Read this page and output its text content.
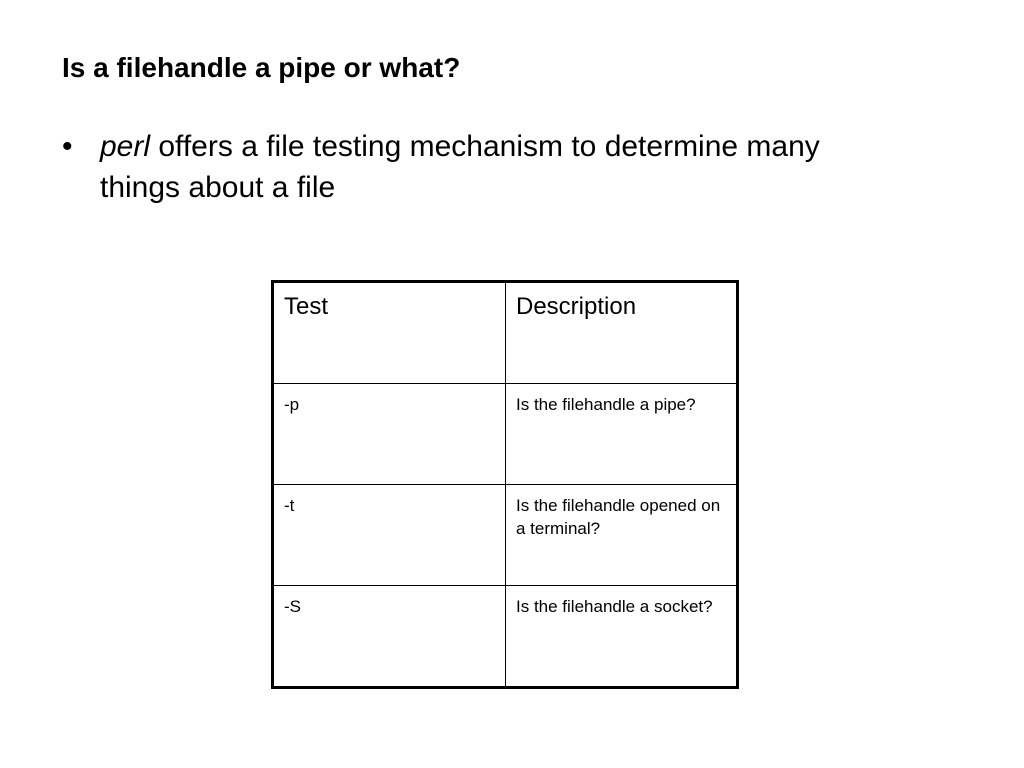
Is a filehandle a pipe or what?
• perl offers a file testing mechanism to determine many things about a file
Test	Description

-p	Is the filehandle a pipe?

-t	Is the filehandle opened on a terminal?

-S	Is the filehandle a socket?
